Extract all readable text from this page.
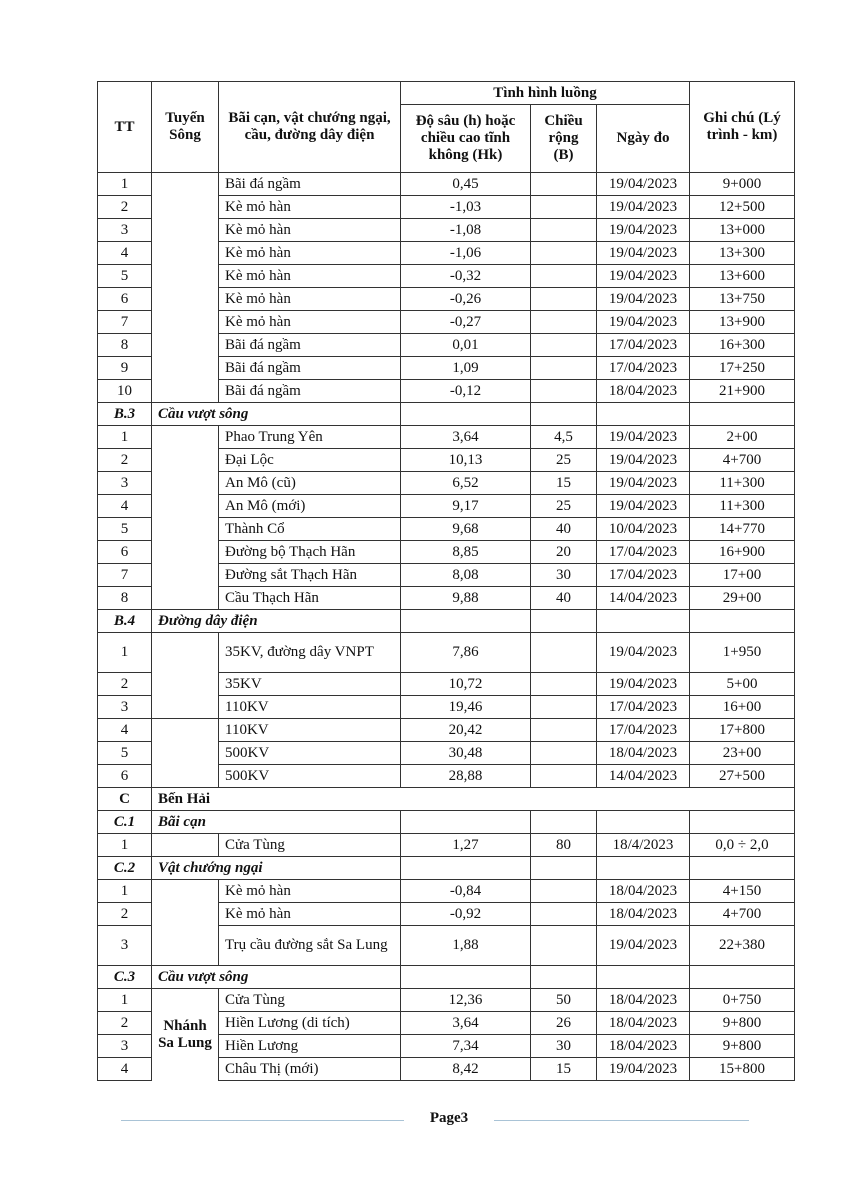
TT	Tuyến Sông	Bãi cạn, vật chướng ngại, cầu, đường dây điện	Tình hình luồng			Ghi chú (Lý trình - km)
			Độ sâu (h) hoặc chiều cao tĩnh không (Hk)	Chiều rộng (B)	Ngày đo	
1		Bãi đá ngầm	0,45		19/04/2023	9+000
2		Kè mỏ hàn	-1,03		19/04/2023	12+500
3		Kè mỏ hàn	-1,08		19/04/2023	13+000
4		Kè mỏ hàn	-1,06		19/04/2023	13+300
5		Kè mỏ hàn	-0,32		19/04/2023	13+600
6		Kè mỏ hàn	-0,26		19/04/2023	13+750
7		Kè mỏ hàn	-0,27		19/04/2023	13+900
8		Bãi đá ngầm	0,01		17/04/2023	16+300
9		Bãi đá ngầm	1,09		17/04/2023	17+250
10		Bãi đá ngầm	-0,12		18/04/2023	21+900
B.3	Cầu vượt sông					
1		Phao Trung Yên	3,64	4,5	19/04/2023	2+00
2		Đại Lộc	10,13	25	19/04/2023	4+700
3		An Mô (cũ)	6,52	15	19/04/2023	11+300
4		An Mô (mới)	9,17	25	19/04/2023	11+300
5		Thành Cổ	9,68	40	10/04/2023	14+770
6		Đường bộ Thạch Hãn	8,85	20	17/04/2023	16+900
7		Đường sắt Thạch Hãn	8,08	30	17/04/2023	17+00
8		Cầu Thạch Hãn	9,88	40	14/04/2023	29+00
B.4	Đường dây điện					
1		35KV, đường dây VNPT	7,86		19/04/2023	1+950
2		35KV	10,72		19/04/2023	5+00
3		110KV	19,46		17/04/2023	16+00
4		110KV	20,42		17/04/2023	17+800
5		500KV	30,48		18/04/2023	23+00
6		500KV	28,88		14/04/2023	27+500
C	Bến Hải					
C.1	Bãi cạn					
1		Cửa Tùng	1,27	80	18/4/2023	0,0 ÷ 2,0
C.2	Vật chướng ngại					
1		Kè mỏ hàn	-0,84		18/04/2023	4+150
2		Kè mỏ hàn	-0,92		18/04/2023	4+700
3		Trụ cầu đường sắt Sa Lung	1,88		19/04/2023	22+380
C.3	Cầu vượt sông					
1	Nhánh Sa Lung	Cửa Tùng	12,36	50	18/04/2023	0+750
2		Hiền Lương (di tích)	3,64	26	18/04/2023	9+800
3		Hiền Lương	7,34	30	18/04/2023	9+800
4		Châu Thị (mới)	8,42	15	19/04/2023	15+800
Page3
